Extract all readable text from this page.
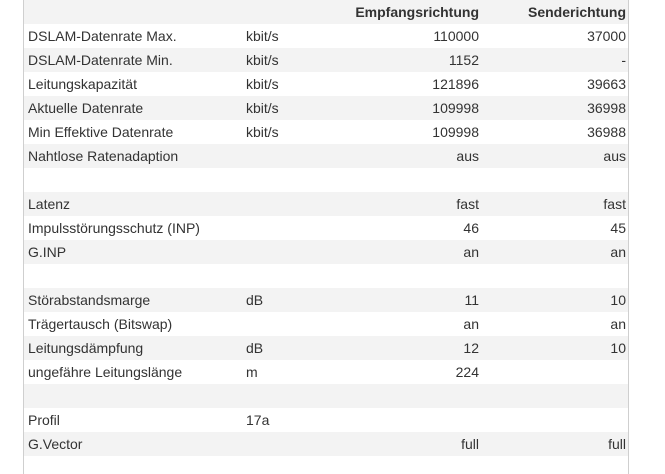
		Empfangsrichtung	Senderichtung
DSLAM-Datenrate Max.	kbit/s	110000	37000
DSLAM-Datenrate Min.	kbit/s	1152	-
Leitungskapazität	kbit/s	121896	39663
Aktuelle Datenrate	kbit/s	109998	36998
Min Effektive Datenrate	kbit/s	109998	36988
Nahtlose Ratenadaption		aus	aus

Latenz		fast	fast
Impulsstörungsschutz (INP)		46	45
G.INP		an	an

Störabstandsmarge	dB	11	10
Trägertausch (Bitswap)		an	an
Leitungsdämpfung	dB	12	10
ungefähre Leitungslänge	m	224	

Profil	17a		
G.Vector		full	full
